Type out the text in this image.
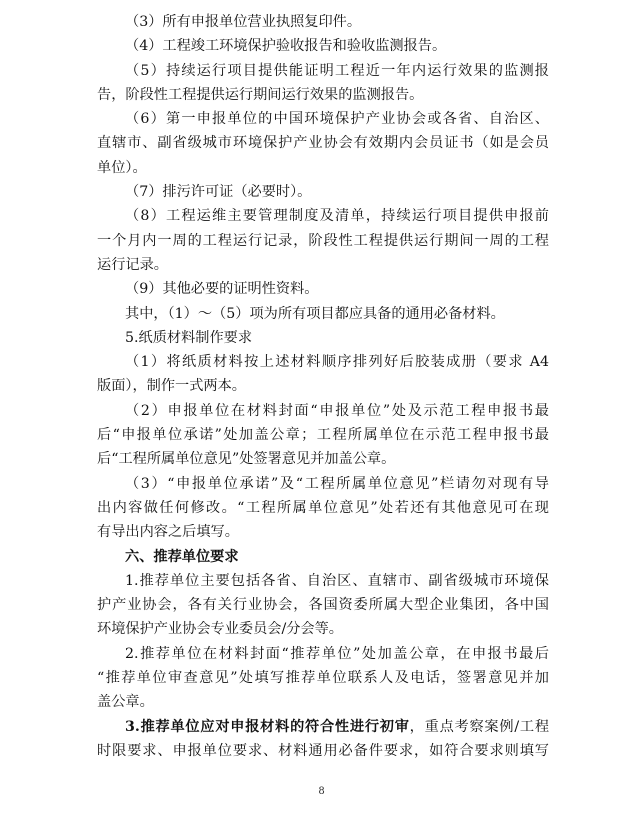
（3）所有申报单位营业执照复印件。
（4）工程竣工环境保护验收报告和验收监测报告。
（5）持续运行项目提供能证明工程近一年内运行效果的监测报
告，阶段性工程提供运行期间运行效果的监测报告。
（6）第一申报单位的中国环境保护产业协会或各省、自治区、
直辖市、副省级城市环境保护产业协会有效期内会员证书（如是会员
单位）。
（7）排污许可证（必要时）。
（8）工程运维主要管理制度及清单，持续运行项目提供申报前
一个月内一周的工程运行记录，阶段性工程提供运行期间一周的工程
运行记录。
（9）其他必要的证明性资料。
其中，（1）～（5）项为所有项目都应具备的通用必备材料。
5.纸质材料制作要求
（1）将纸质材料按上述材料顺序排列好后胶装成册（要求 A4
版面），制作一式两本。
（2）申报单位在材料封面“申报单位”处及示范工程申报书最
后“申报单位承诺”处加盖公章；工程所属单位在示范工程申报书最
后“工程所属单位意见”处签署意见并加盖公章。
（3）“申报单位承诺”及“工程所属单位意见”栏请勿对现有导
出内容做任何修改。“工程所属单位意见”处若还有其他意见可在现
有导出内容之后填写。
六、推荐单位要求
1.推荐单位主要包括各省、自治区、直辖市、副省级城市环境保
护产业协会，各有关行业协会，各国资委所属大型企业集团，各中国
环境保护产业协会专业委员会/分会等。
2.推荐单位在材料封面“推荐单位”处加盖公章，在申报书最后
“推荐单位审查意见”处填写推荐单位联系人及电话，签署意见并加
盖公章。
3.推荐单位应对申报材料的符合性进行初审，重点考察案例/工程
时限要求、申报单位要求、材料通用必备件要求，如符合要求则填写
8
